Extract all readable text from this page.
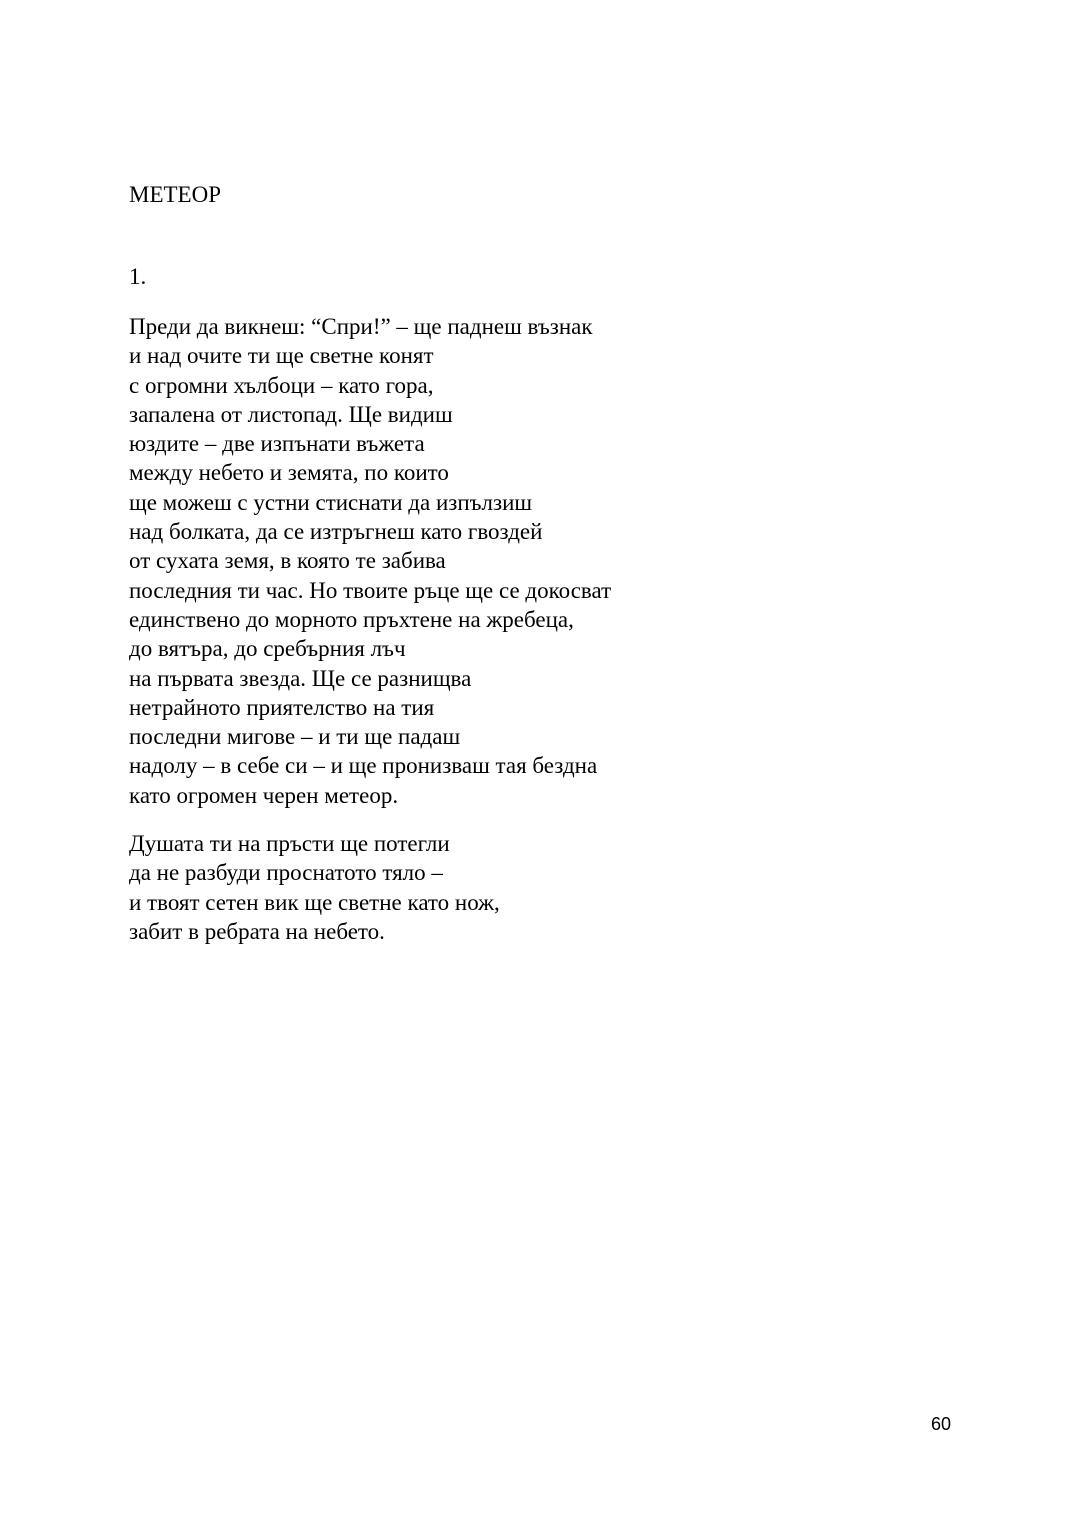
МЕТЕОР

1.

Преди да викнеш: “Спри!” – ще паднеш възнак
и над очите ти ще светне конят
с огромни хълбоци – като гора,
запалена от листопад. Ще видиш
юздите – две изпънати въжета
между небето и земята, по които
ще можеш с устни стиснати да изпълзиш
над болката, да се изтръгнеш като гвоздей
от сухата земя, в която те забива
последния ти час. Но твоите ръце ще се докосват
единствено до морното пръхтене на жребеца,
до вятъра, до сребърния лъч
на първата звезда. Ще се разнищва
нетрайното приятелство на тия
последни мигове – и ти ще падаш
надолу – в себе си – и ще пронизваш тая бездна
като огромен черен метеор.
Душата ти на пръсти ще потегли
да не разбуди проснатото тяло –
и твоят сетен вик ще светне като нож,
забит в ребрата на небето.

60
